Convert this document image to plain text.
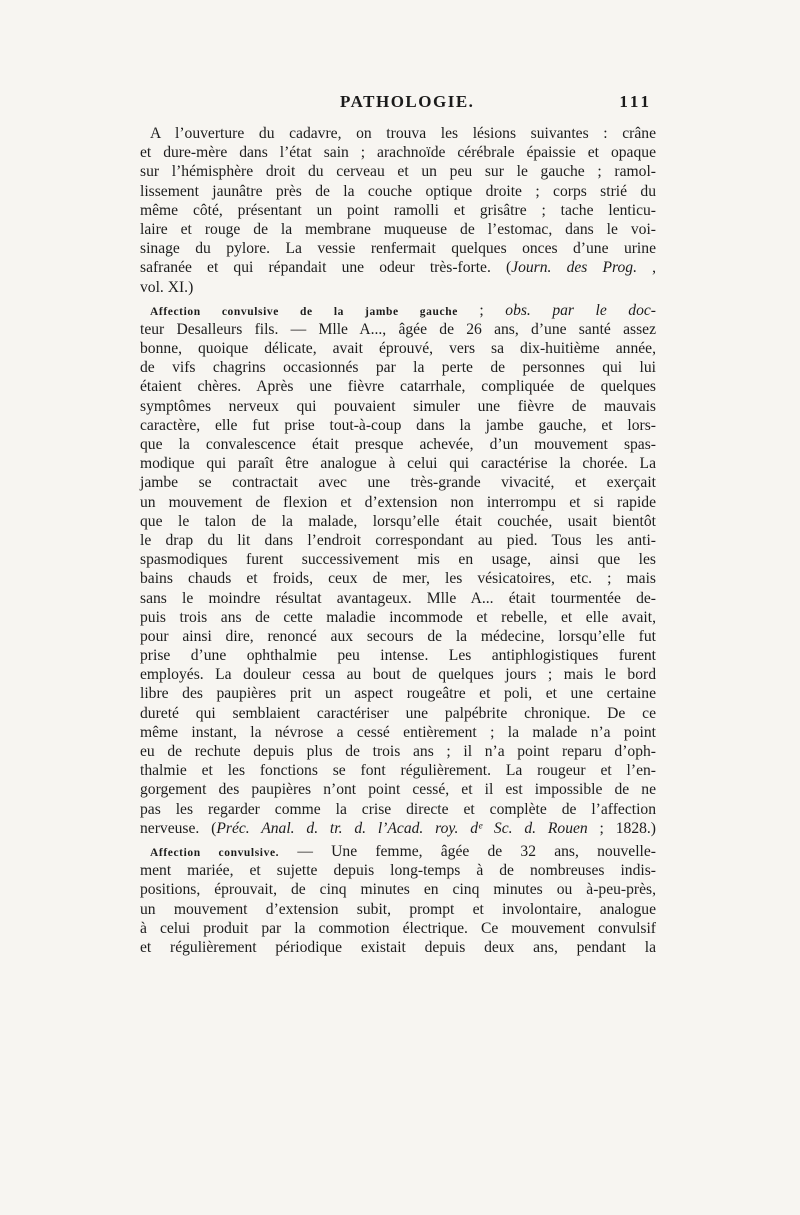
PATHOLOGIE.	111
A l’ouverture du cadavre, on trouva les lésions suivantes : crâne
et dure-mère dans l’état sain ; arachnoïde cérébrale épaissie et opaque
sur l’hémisphère droit du cerveau et un peu sur le gauche ; ramol-
lissement jaunâtre près de la couche optique droite ; corps strié du
même côté, présentant un point ramolli et grisâtre ; tache lenticu-
laire et rouge de la membrane muqueuse de l’estomac, dans le voi-
sinage du pylore. La vessie renfermait quelques onces d’une urine
safranée et qui répandait une odeur très-forte. (Journ. des Prog. ,
vol. XI.)
Affection convulsive de la jambe gauche ; obs. par le doc-
teur Desalleurs fils. — Mlle A..., âgée de 26 ans, d’une santé assez
bonne, quoique délicate, avait éprouvé, vers sa dix-huitième année,
de vifs chagrins occasionnés par la perte de personnes qui lui
étaient chères. Après une fièvre catarrhale, compliquée de quelques
symptômes nerveux qui pouvaient simuler une fièvre de mauvais
caractère, elle fut prise tout-à-coup dans la jambe gauche, et lors-
que la convalescence était presque achevée, d’un mouvement spas-
modique qui paraît être analogue à celui qui caractérise la chorée. La
jambe se contractait avec une très-grande vivacité, et exerçait
un mouvement de flexion et d’extension non interrompu et si rapide
que le talon de la malade, lorsqu’elle était couchée, usait bientôt
le drap du lit dans l’endroit correspondant au pied. Tous les anti-
spasmodiques furent successivement mis en usage, ainsi que les
bains chauds et froids, ceux de mer, les vésicatoires, etc. ; mais
sans le moindre résultat avantageux. Mlle A... était tourmentée de-
puis trois ans de cette maladie incommode et rebelle, et elle avait,
pour ainsi dire, renoncé aux secours de la médecine, lorsqu’elle fut
prise d’une ophthalmie peu intense. Les antiphlogistiques furent
employés. La douleur cessa au bout de quelques jours ; mais le bord
libre des paupières prit un aspect rougeâtre et poli, et une certaine
dureté qui semblaient caractériser une palpébrite chronique. De ce
même instant, la névrose a cessé entièrement ; la malade n’a point
eu de rechute depuis plus de trois ans ; il n’a point reparu d’oph-
thalmie et les fonctions se font régulièrement. La rougeur et l’en-
gorgement des paupières n’ont point cessé, et il est impossible de ne
pas les regarder comme la crise directe et complète de l’affection
nerveuse. (Préc. Anal. d. tr. d. l’Acad. roy. dᵉ Sc. d. Rouen ; 1828.)
Affection convulsive. — Une femme, âgée de 32 ans, nouvelle-
ment mariée, et sujette depuis long-temps à de nombreuses indis-
positions, éprouvait, de cinq minutes en cinq minutes ou à-peu-près,
un mouvement d’extension subit, prompt et involontaire, analogue
à celui produit par la commotion électrique. Ce mouvement convulsif
et régulièrement périodique existait depuis deux ans, pendant la
